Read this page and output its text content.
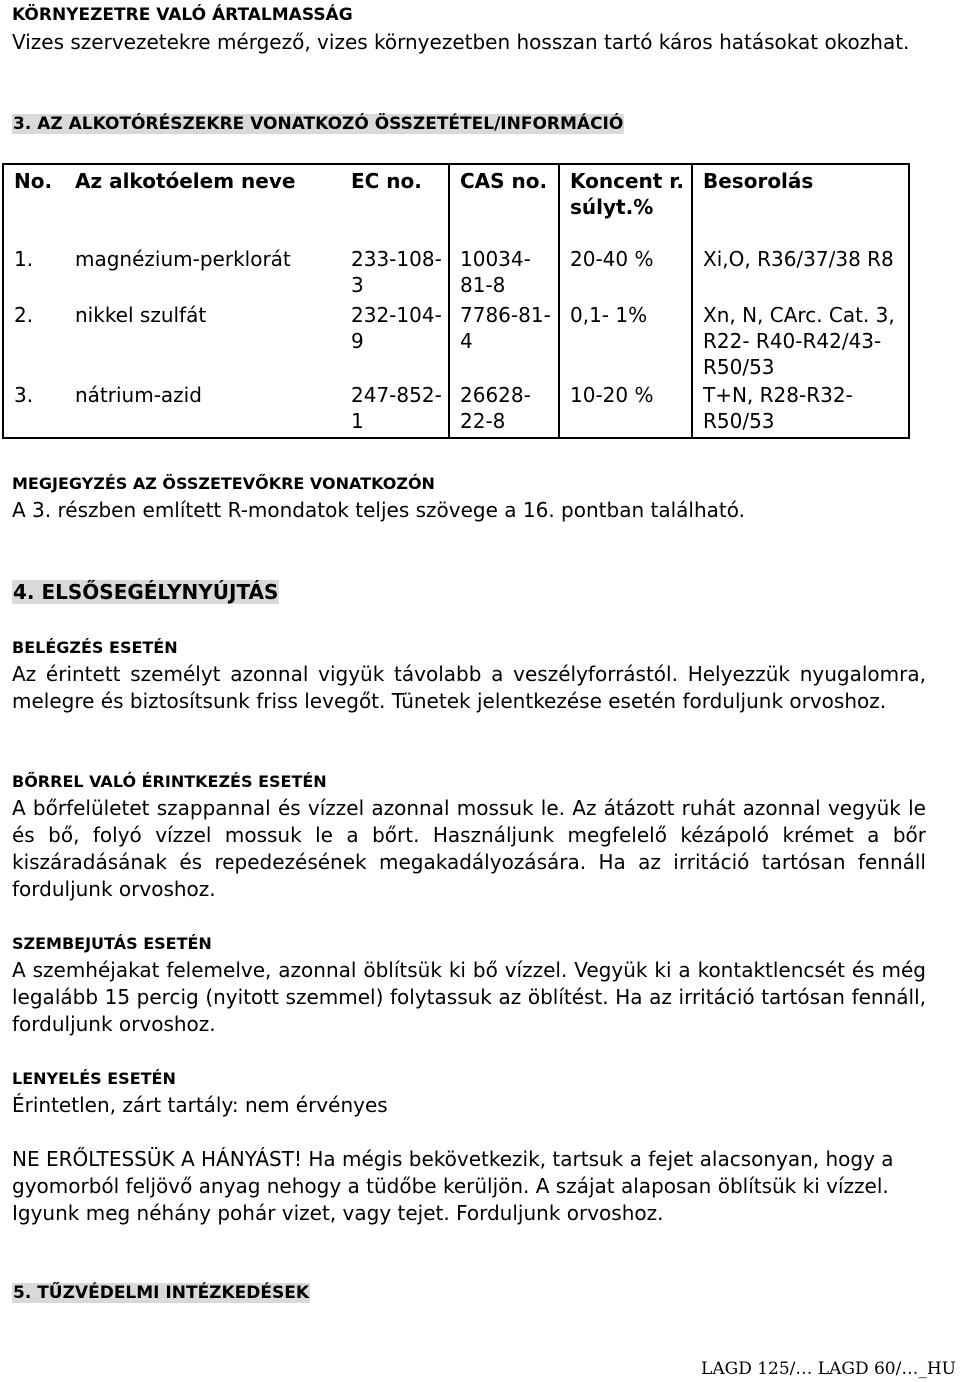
KÖRNYEZETRE VALÓ ÁRTALMASSÁG
Vizes szervezetekre mérgező, vizes környezetben hosszan tartó káros hatásokat okozhat.
3. AZ ALKOTÓRÉSZEKRE VONATKOZÓ ÖSSZETÉTEL/INFORMÁCIÓ
No.	Az alkotóelem neve	EC no.	CAS no.	Koncent r. súlyt.%	Besorolás
1.	magnézium-perklorát	233-108-3	10034-81-8	20-40 %	Xi,O, R36/37/38 R8
2.	nikkel szulfát	232-104-9	7786-81-4	0,1- 1%	Xn, N, CArc. Cat. 3, R22- R40-R42/43-R50/53
3.	nátrium-azid	247-852-1	26628-22-8	10-20 %	T+N, R28-R32-R50/53
MEGJEGYZÉS AZ ÖSSZETEVŐKRE VONATKOZÓN
A 3. részben említett R-mondatok teljes szövege a 16. pontban található.
4. ELSŐSEGÉLYNYÚJTÁS
BELÉGZÉS ESETÉN
Az érintett személyt azonnal vigyük távolabb a veszélyforrástól. Helyezzük nyugalomra, melegre és biztosítsunk friss levegőt. Tünetek jelentkezése esetén forduljunk orvoshoz.
BŐRREL VALÓ ÉRINTKEZÉS ESETÉN
A bőrfelületet szappannal és vízzel azonnal mossuk le. Az átázott ruhát azonnal vegyük le és bő, folyó vízzel mossuk le a bőrt. Használjunk megfelelő kézápoló krémet a bőr kiszáradásának és repedezésének megakadályozására. Ha az irritáció tartósan fennáll forduljunk orvoshoz.
SZEMBEJUTÁS ESETÉN
A szemhéjakat felemelve, azonnal öblítsük ki bő vízzel. Vegyük ki a kontaktlencsét és még legalább 15 percig (nyitott szemmel) folytassuk az öblítést. Ha az irritáció tartósan fennáll, forduljunk orvoshoz.
LENYELÉS ESETÉN
Érintetlen, zárt tartály: nem érvényes
NE ERŐLTESSÜK A HÁNYÁST! Ha mégis bekövetkezik, tartsuk a fejet alacsonyan, hogy a gyomorból feljövő anyag nehogy a tüdőbe kerüljön. A szájat alaposan öblítsük ki vízzel. Igyunk meg néhány pohár vizet, vagy tejet. Forduljunk orvoshoz.
5. TŰZVÉDELMI INTÉZKEDÉSEK
LAGD 125/… LAGD 60/…_HU
